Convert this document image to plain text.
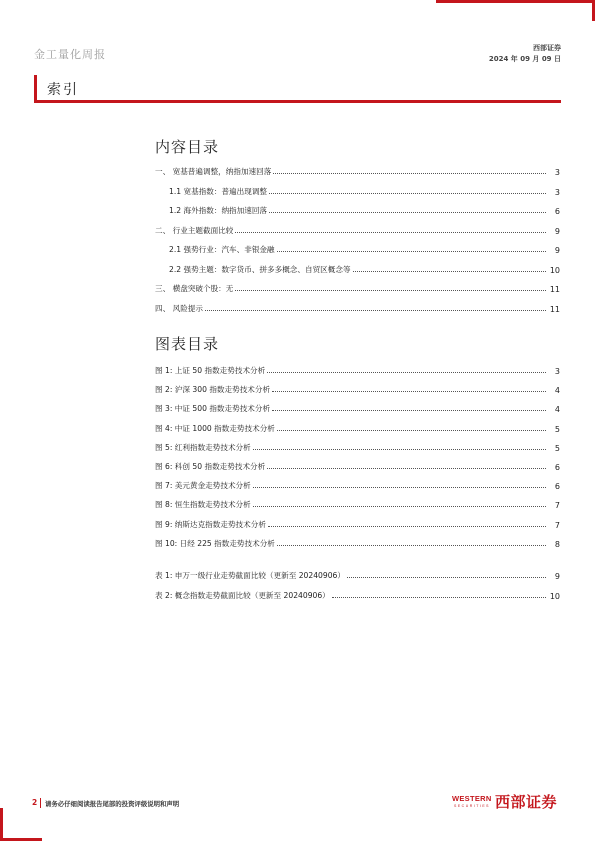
金工量化周报	西部证券
2024 年 09 月 09 日
索引
内容目录
一、 宽基普遍调整，纳指加速回落	3
1.1 宽基指数：普遍出现调整	3
1.2 海外指数：纳指加速回落	6
二、 行业主题截面比较	9
2.1 强势行业：汽车、非银金融	9
2.2 强势主题：数字货币、拼多多概念、自贸区概念等	10
三、 横盘突破个股：无	11
四、 风险提示	11
图表目录
图 1: 上证 50 指数走势技术分析	3
图 2: 沪深 300 指数走势技术分析	4
图 3: 中证 500 指数走势技术分析	4
图 4: 中证 1000 指数走势技术分析	5
图 5: 红利指数走势技术分析	5
图 6: 科创 50 指数走势技术分析	6
图 7: 美元黄金走势技术分析	6
图 8: 恒生指数走势技术分析	7
图 9: 纳斯达克指数走势技术分析	7
图 10: 日经 225 指数走势技术分析	8
表 1: 申万一级行业走势截面比较（更新至 20240906）	9
表 2: 概念指数走势截面比较（更新至 20240906）	10
2 请务必仔细阅读报告尾部的投资评级说明和声明
WESTERN
SECURITIES 西部证券
